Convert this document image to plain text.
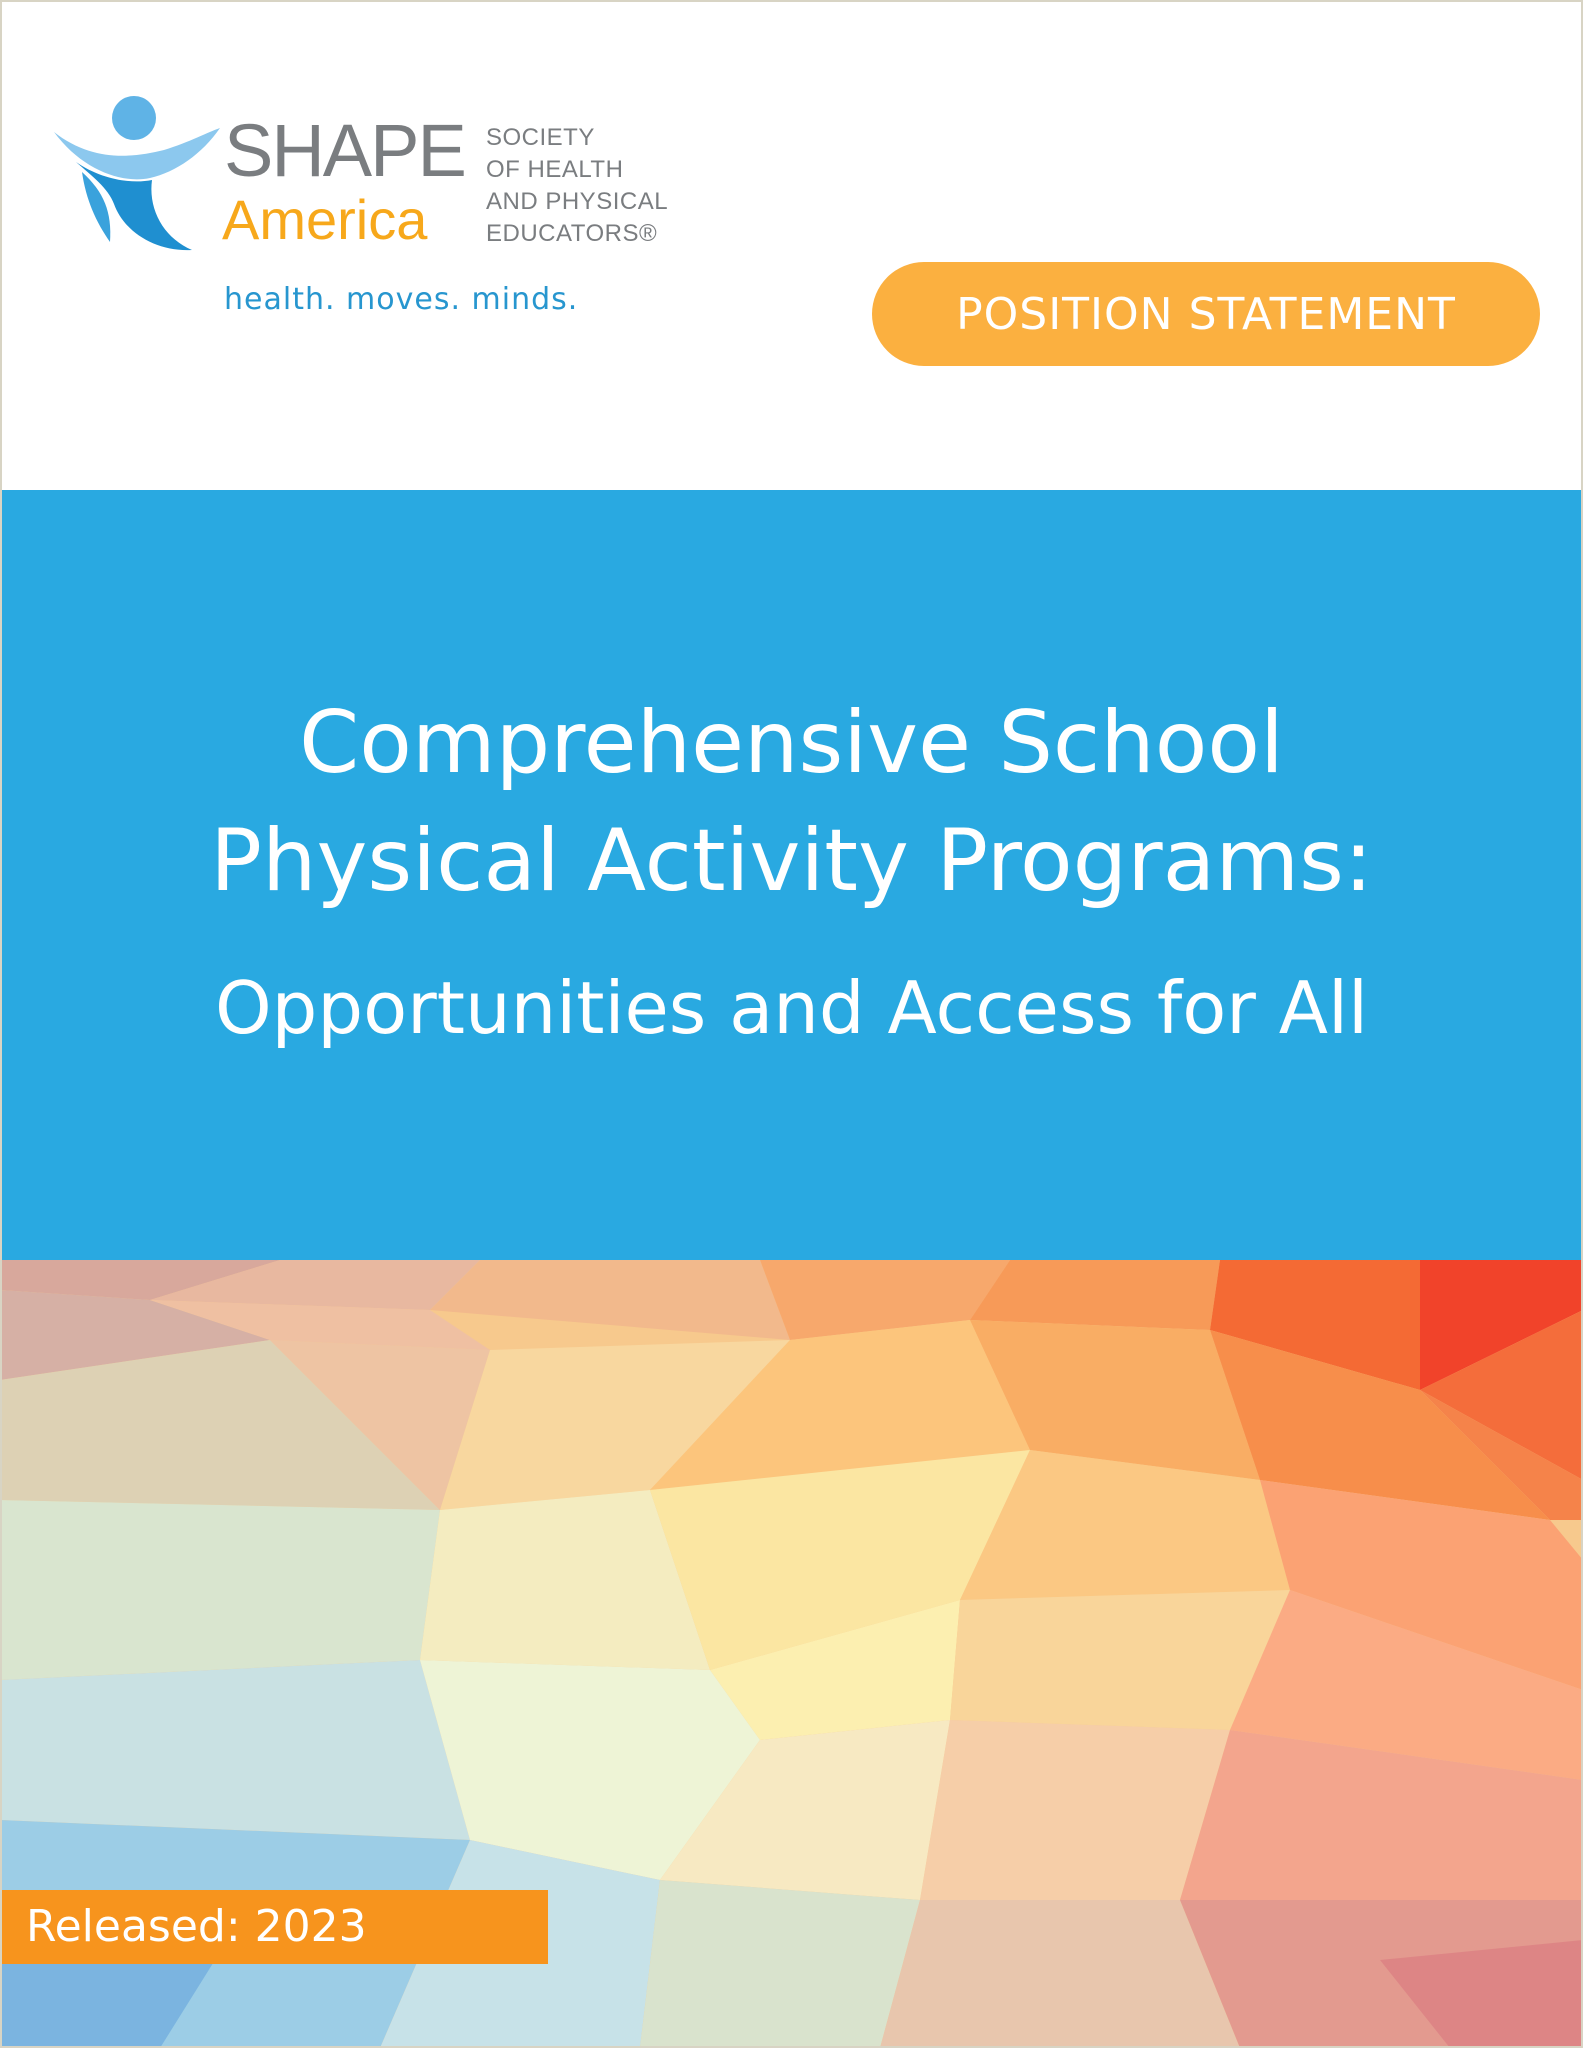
SHAPE
America
SOCIETY
OF HEALTH
AND PHYSICAL
EDUCATORS®
health. moves. minds.	POSITION STATEMENT
Comprehensive School
Physical Activity Programs:
Opportunities and Access for All
Released: 2023
